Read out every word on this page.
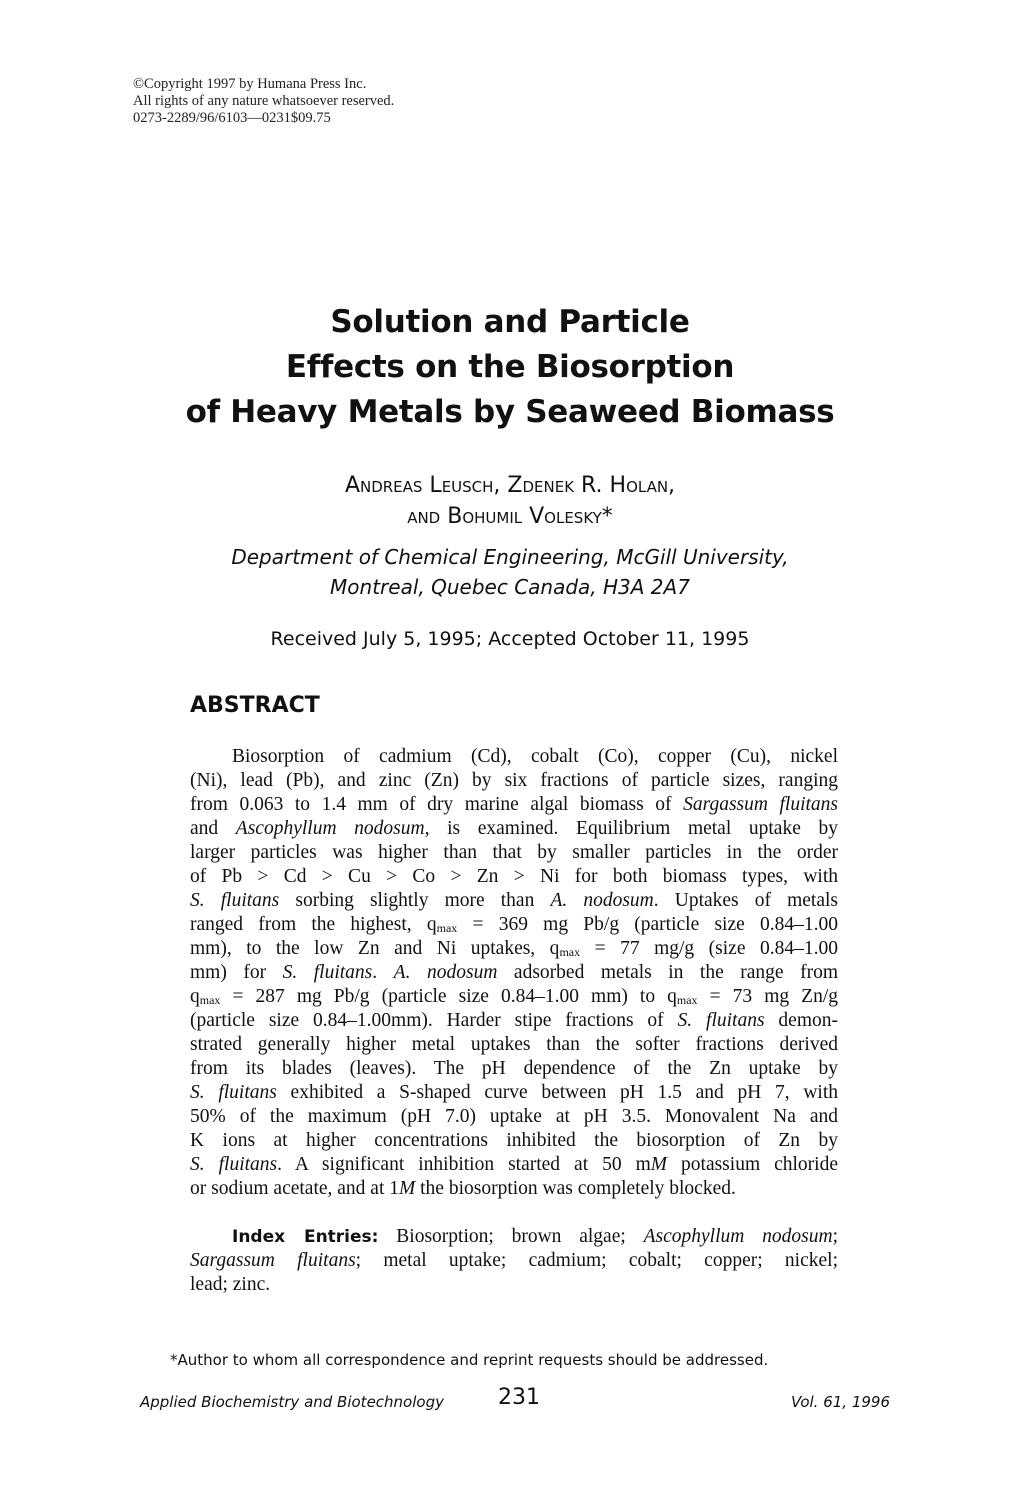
©Copyright 1997 by Humana Press Inc.
All rights of any nature whatsoever reserved.
0273-2289/96/6103—0231$09.75
Solution and Particle
Effects on the Biosorption
of Heavy Metals by Seaweed Biomass
Andreas Leusch, Zdenek R. Holan,
and Bohumil Volesky*
Department of Chemical Engineering, McGill University,
Montreal, Quebec Canada, H3A 2A7
Received July 5, 1995; Accepted October 11, 1995
ABSTRACT
Biosorption of cadmium (Cd), cobalt (Co), copper (Cu), nickel
(Ni), lead (Pb), and zinc (Zn) by six fractions of particle sizes, ranging
from 0.063 to 1.4 mm of dry marine algal biomass of Sargassum fluitans
and Ascophyllum nodosum, is examined. Equilibrium metal uptake by
larger particles was higher than that by smaller particles in the order
of Pb > Cd > Cu > Co > Zn > Ni for both biomass types, with
S. fluitans sorbing slightly more than A. nodosum. Uptakes of metals
ranged from the highest, $q_{max} = 369$ mg Pb/g (particle size 0.84–1.00
mm), to the low Zn and Ni uptakes, $q_{max} = 77$ mg/g (size 0.84–1.00
mm) for S. fluitans. A. nodosum adsorbed metals in the range from
$q_{max} = 287$ mg Pb/g (particle size 0.84–1.00 mm) to $q_{max} = 73$ mg Zn/g
(particle size 0.84–1.00mm). Harder stipe fractions of S. fluitans demon-
strated generally higher metal uptakes than the softer fractions derived
from its blades (leaves). The pH dependence of the Zn uptake by
S. fluitans exhibited a S-shaped curve between pH 1.5 and pH 7, with
50% of the maximum (pH 7.0) uptake at pH 3.5. Monovalent Na and
K ions at higher concentrations inhibited the biosorption of Zn by
S. fluitans. A significant inhibition started at 50 mM potassium chloride
or sodium acetate, and at 1M the biosorption was completely blocked.
Index Entries: Biosorption; brown algae; Ascophyllum nodosum;
Sargassum fluitans; metal uptake; cadmium; cobalt; copper; nickel;
lead; zinc.
*Author to whom all correspondence and reprint requests should be addressed.
Applied Biochemistry and Biotechnology 231	Vol. 61, 1996
